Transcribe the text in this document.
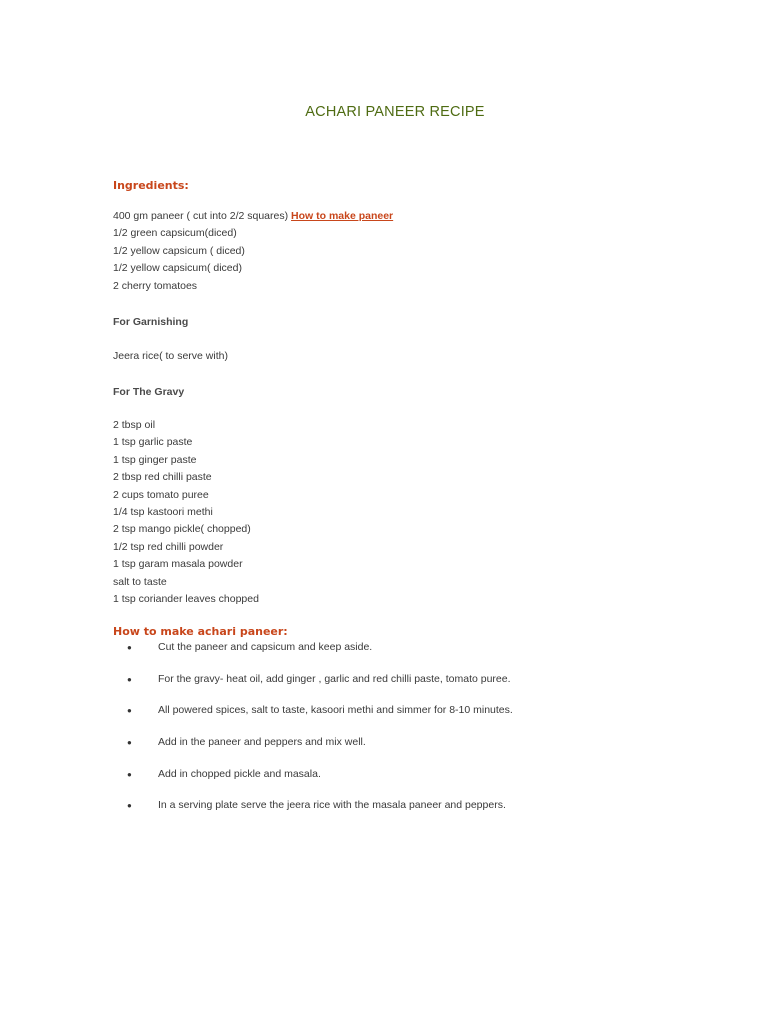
ACHARI PANEER RECIPE
Ingredients:
400 gm paneer ( cut into 2/2 squares) How to make paneer
1/2 green capsicum(diced)
1/2 yellow capsicum ( diced)
1/2 yellow capsicum( diced)
2 cherry tomatoes
For Garnishing
Jeera rice( to serve with)
For The Gravy
2 tbsp oil
1 tsp garlic paste
1 tsp ginger paste
2 tbsp red chilli paste
2 cups tomato puree
1/4 tsp kastoori methi
2 tsp mango pickle( chopped)
1/2 tsp red chilli powder
1 tsp garam masala powder
salt to taste
1 tsp coriander leaves chopped
How to make achari paneer:
● Cut the paneer and capsicum and keep aside.
● For the gravy- heat oil, add ginger , garlic and red chilli paste, tomato puree.
● All powered spices, salt to taste, kasoori methi and simmer for 8-10 minutes.
● Add in the paneer and peppers and mix well.
● Add in chopped pickle and masala.
● In a serving plate serve the jeera rice with the masala paneer and peppers.
